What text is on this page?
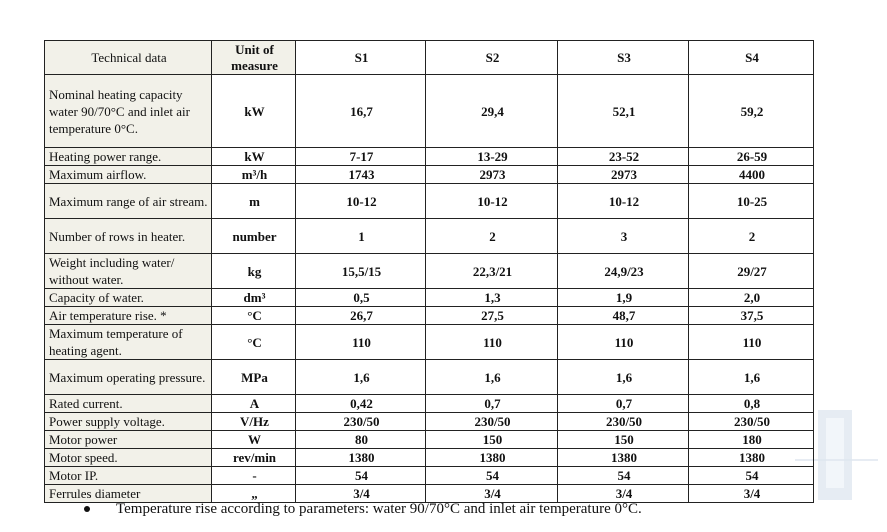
Technical data	Unit of measure	S1	S2	S3	S4
Nominal heating capacity water 90/70°C and inlet air temperature 0°C.	kW	16,7	29,4	52,1	59,2
Heating power range.	kW	7-17	13-29	23-52	26-59
Maximum airflow.	m³/h	1743	2973	2973	4400
Maximum range of air stream.	m	10-12	10-12	10-12	10-25
Number of rows in heater.	number	1	2	3	2
Weight including water/ without water.	kg	15,5/15	22,3/21	24,9/23	29/27
Capacity of water.	dm³	0,5	1,3	1,9	2,0
Air temperature rise. *	°C	26,7	27,5	48,7	37,5
Maximum temperature of heating agent.	°C	110	110	110	110
Maximum operating pressure.	MPa	1,6	1,6	1,6	1,6
Rated current.	A	0,42	0,7	0,7	0,8
Power supply voltage.	V/Hz	230/50	230/50	230/50	230/50
Motor power	W	80	150	150	180
Motor speed.	rev/min	1380	1380	1380	1380
Motor IP.	-	54	54	54	54
Ferrules diameter	„	3/4	3/4	3/4	3/4
Temperature rise according to parameters: water 90/70°C and inlet air temperature 0°C.
